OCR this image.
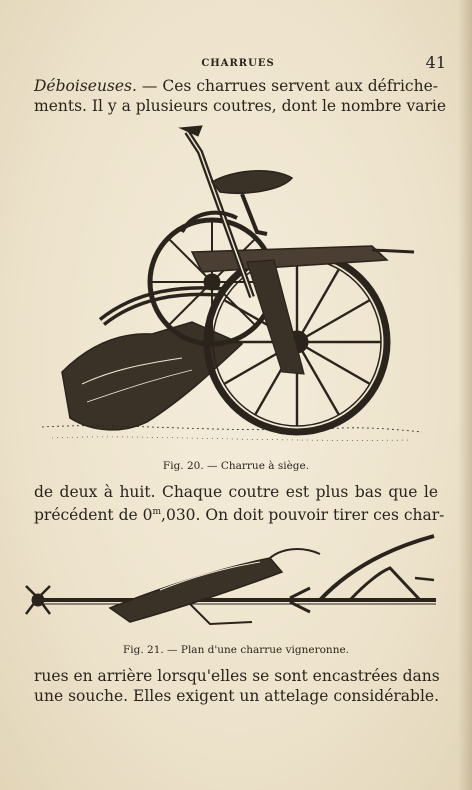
CHARRUES	41
Déboiseuses. — Ces charrues servent aux défriche-
ments. Il y a plusieurs coutres, dont le nombre varie
Fig. 20. — Charrue à siège.
de deux à huit. Chaque coutre est plus bas que le
précédent de 0$^m$,030. On doit pouvoir tirer ces char-
Fig. 21. — Plan d'une charrue vigneronne.
rues en arrière lorsqu'elles se sont encastrées dans
une souche. Elles exigent un attelage considérable.
